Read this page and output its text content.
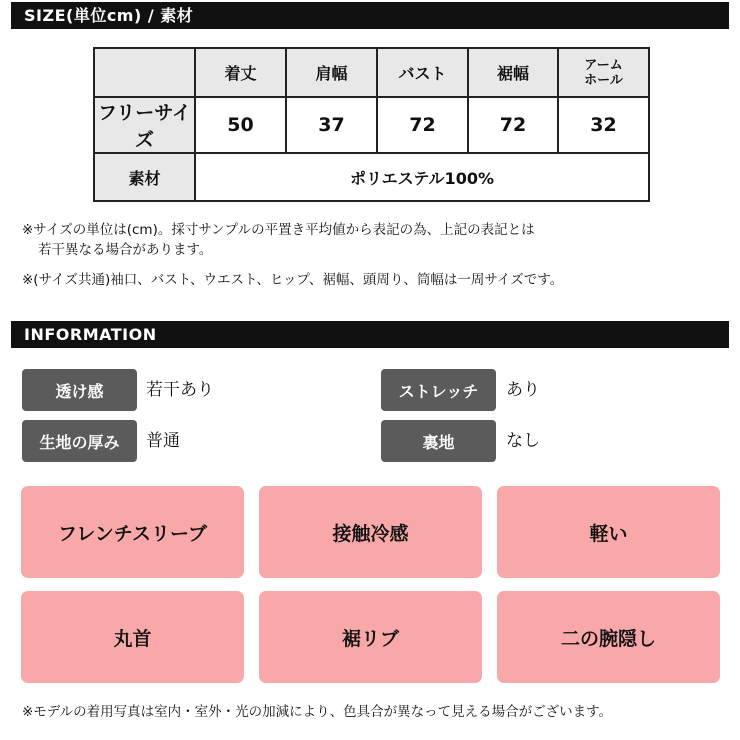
SIZE(単位cm) / 素材
	着丈	肩幅	バスト	裾幅	アーム
ホール
フリーサイズ	50	37	72	72	32
素材	ポリエステル100%				
※サイズの単位は(cm)。採寸サンプルの平置き平均値から表記の為、上記の表記とは
若干異なる場合があります。
※(サイズ共通)袖口、バスト、ウエスト、ヒップ、裾幅、頭周り、筒幅は一周サイズです。
INFORMATION
透け感	若干あり	ストレッチ	あり
生地の厚み	普通	裏地	なし
フレンチスリーブ	接触冷感	軽い
丸首	裾リブ	二の腕隠し
※モデルの着用写真は室内・室外・光の加減により、色具合が異なって見える場合がございます。
